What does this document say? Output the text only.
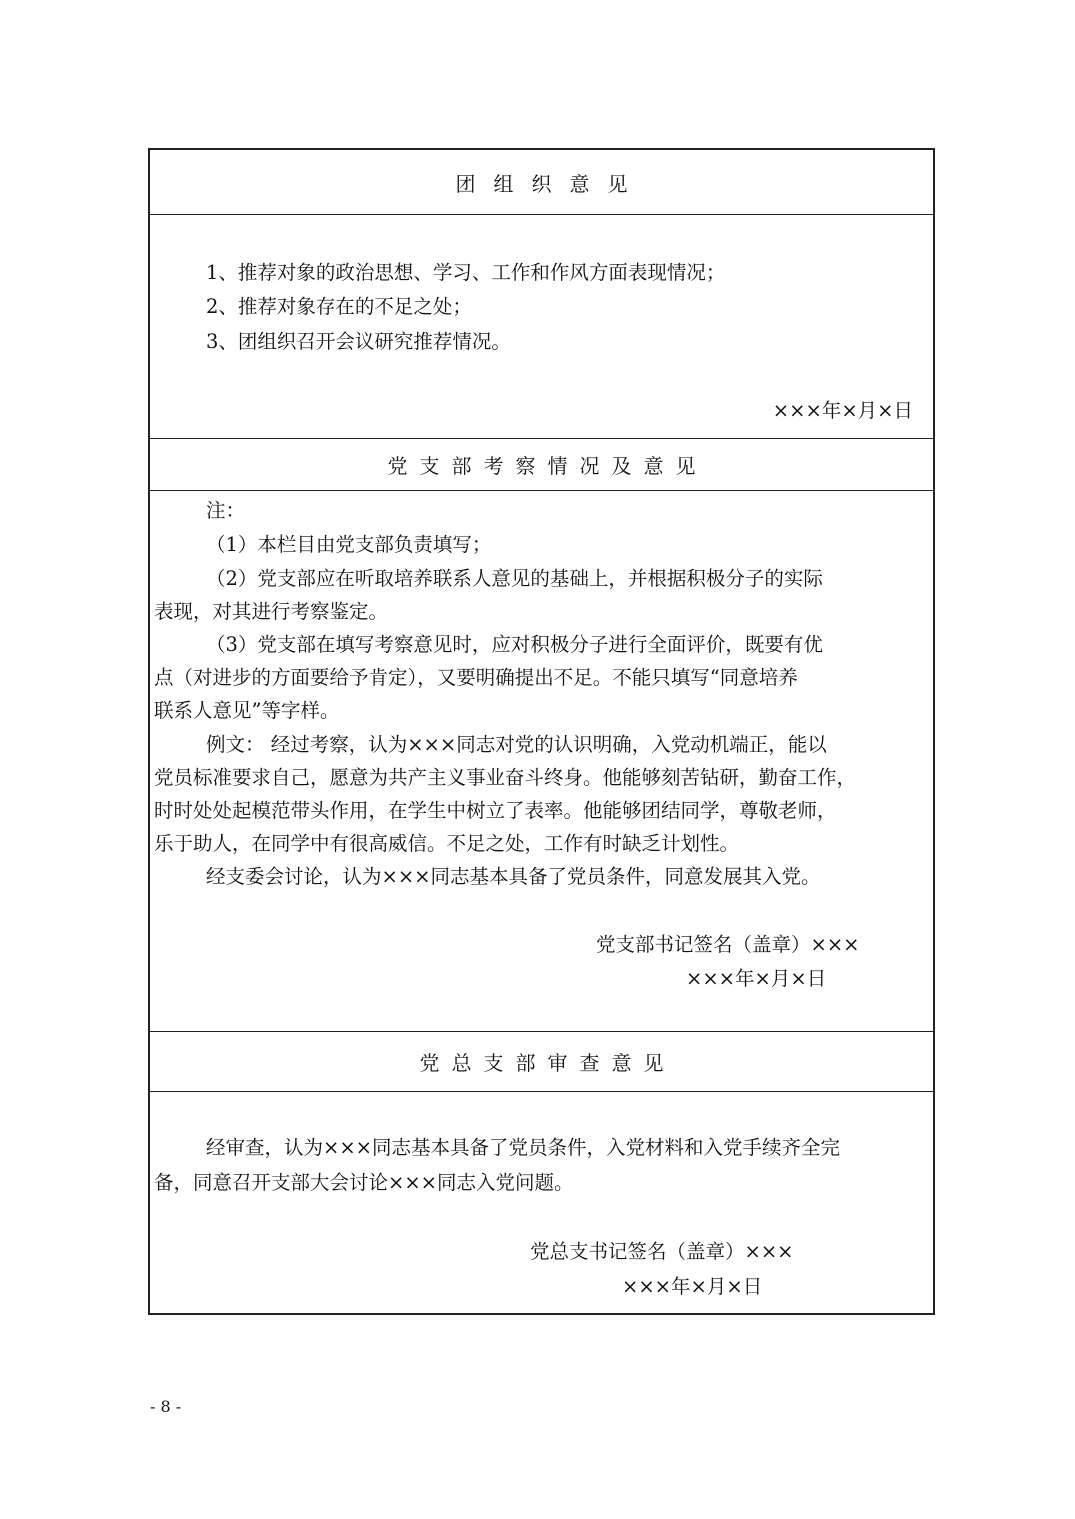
团组织意见
1、推荐对象的政治思想、学习、工作和作风方面表现情况；
2、推荐对象存在的不足之处；
3、团组织召开会议研究推荐情况。
×××年×月×日
党支部考察情况及意见
注：
（1）本栏目由党支部负责填写；
（2）党支部应在听取培养联系人意见的基础上，并根据积极分子的实际
表现，对其进行考察鉴定。
（3）党支部在填写考察意见时，应对积极分子进行全面评价，既要有优
点（对进步的方面要给予肯定），又要明确提出不足。不能只填写“同意培养
联系人意见”等字样。
例文： 经过考察，认为×××同志对党的认识明确，入党动机端正，能以
党员标准要求自己，愿意为共产主义事业奋斗终身。他能够刻苦钻研，勤奋工作，
时时处处起模范带头作用，在学生中树立了表率。他能够团结同学，尊敬老师，
乐于助人，在同学中有很高威信。不足之处，工作有时缺乏计划性。
经支委会讨论，认为×××同志基本具备了党员条件，同意发展其入党。
党支部书记签名（盖章）×××
×××年×月×日
党总支部审查意见
经审查，认为×××同志基本具备了党员条件，入党材料和入党手续齐全完
备，同意召开支部大会讨论×××同志入党问题。
党总支书记签名（盖章）×××
×××年×月×日
- 8 -
